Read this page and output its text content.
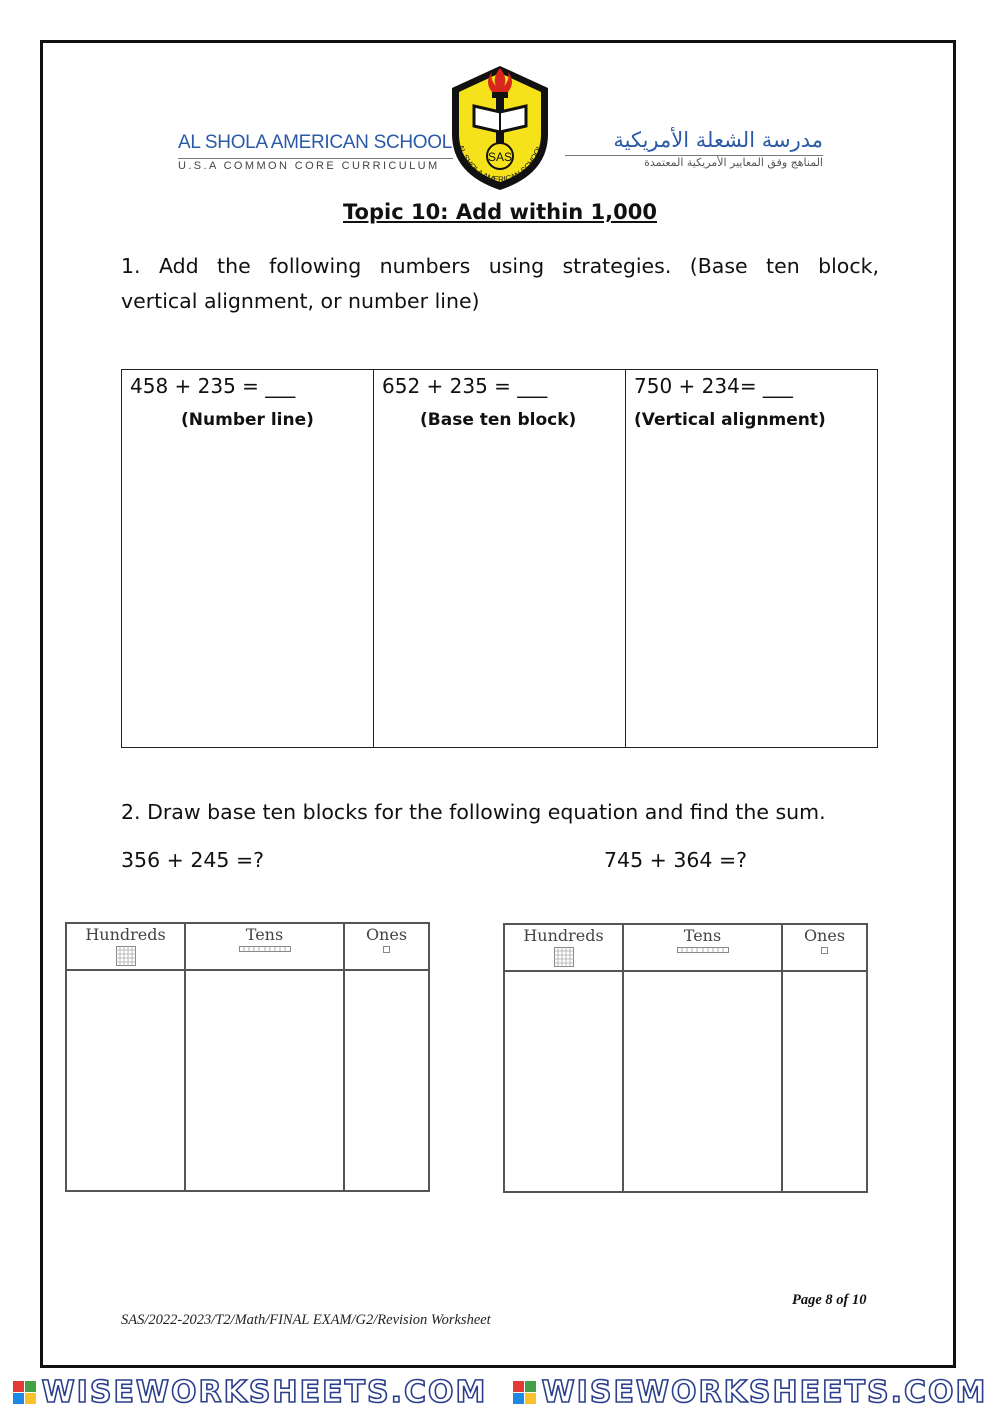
AL SHOLA AMERICAN SCHOOL
U.S.A COMMON CORE CURRICULUM
SAS
AL SHOLA AMERICAN SCHOOL	مدرسة الشعلة الأمريكية
المناهج وفق المعايير الأمريكية المعتمدة
Topic 10: Add within 1,000
1. Add the following numbers using strategies. (Base ten block,
vertical alignment, or number line)
458 + 235 = ___
(Number line)
652 + 235 = ___
(Base ten block)
750 + 234= ___
(Vertical alignment)
2. Draw base ten blocks for the following equation and find the sum.
356 + 245 =?	745 + 364 =?
Hundreds	Tens	Ones	Hundreds	Tens	Ones
Page 8 of 10
SAS/2022-2023/T2/Math/FINAL EXAM/G2/Revision Worksheet
WISEWORKSHEETS.COM WISEWORKSHEETS.COM
